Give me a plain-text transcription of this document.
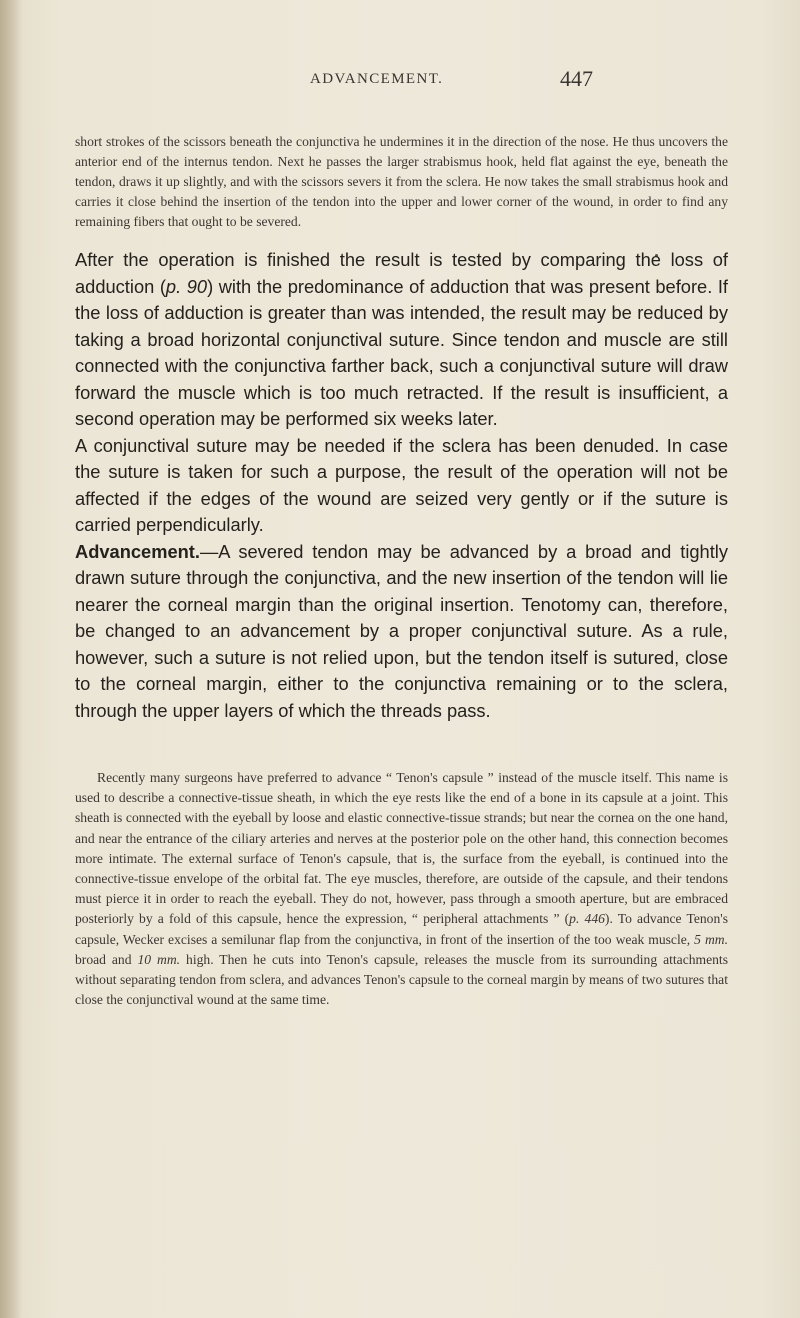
ADVANCEMENT.	447

short strokes of the scissors beneath the conjunctiva he undermines it in the direction of the nose. He thus uncovers the anterior end of the internus tendon. Next he passes the larger strabismus hook, held flat against the eye, beneath the tendon, draws it up slightly, and with the scissors severs it from the sclera. He now takes the small strabismus hook and carries it close behind the insertion of the tendon into the upper and lower corner of the wound, in order to find any remaining fibers that ought to be severed.

After the operation is finished the result is tested by comparing the loss of adduction (p. 90) with the predominance of adduction that was present before. If the loss of adduction is greater than was intended, the result may be reduced by taking a broad horizontal conjunctival suture. Since tendon and muscle are still connected with the conjunctiva farther back, such a conjunctival suture will draw forward the muscle which is too much retracted. If the result is insufficient, a second operation may be performed six weeks later.

A conjunctival suture may be needed if the sclera has been denuded. In case the suture is taken for such a purpose, the result of the operation will not be affected if the edges of the wound are seized very gently or if the suture is carried perpendicularly.

Advancement.—A severed tendon may be advanced by a broad and tightly drawn suture through the conjunctiva, and the new insertion of the tendon will lie nearer the corneal margin than the original insertion. Tenotomy can, therefore, be changed to an advancement by a proper conjunctival suture. As a rule, however, such a suture is not relied upon, but the tendon itself is sutured, close to the corneal margin, either to the conjunctiva remaining or to the sclera, through the upper layers of which the threads pass.

Recently many surgeons have preferred to advance “ Tenon's capsule ” instead of the muscle itself. This name is used to describe a connective-tissue sheath, in which the eye rests like the end of a bone in its capsule at a joint. This sheath is connected with the eyeball by loose and elastic connective-tissue strands; but near the cornea on the one hand, and near the entrance of the ciliary arteries and nerves at the posterior pole on the other hand, this connection becomes more intimate. The external surface of Tenon's capsule, that is, the surface from the eyeball, is continued into the connective-tissue envelope of the orbital fat. The eye muscles, therefore, are outside of the capsule, and their tendons must pierce it in order to reach the eyeball. They do not, however, pass through a smooth aperture, but are embraced posteriorly by a fold of this capsule, hence the expression, “ peripheral attachments ” (p. 446). To advance Tenon's capsule, Wecker excises a semilunar flap from the conjunctiva, in front of the insertion of the too weak muscle, 5 mm. broad and 10 mm. high. Then he cuts into Tenon's capsule, releases the muscle from its surrounding attachments without separating tendon from sclera, and advances Tenon's capsule to the corneal margin by means of two sutures that close the conjunctival wound at the same time.
